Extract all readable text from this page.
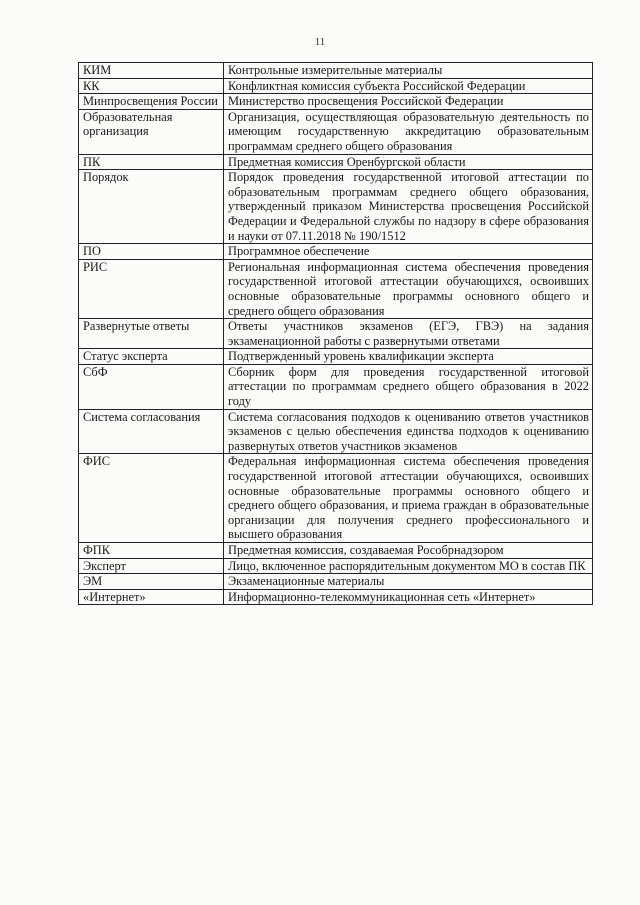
11
КИМ	Контрольные измерительные материалы
КК	Конфликтная комиссия субъекта Российской Федерации
Минпросвещения России	Министерство просвещения Российской Федерации
Образовательная организация	Организация, осуществляющая образовательную деятельность по имеющим государственную аккредитацию образовательным программам среднего общего образования
ПК	Предметная комиссия Оренбургской области
Порядок	Порядок проведения государственной итоговой аттестации по образовательным программам среднего общего образования, утвержденный приказом Министерства просвещения Российской Федерации и Федеральной службы по надзору в сфере образования и науки от 07.11.2018 № 190/1512
ПО	Программное обеспечение
РИС	Региональная информационная система обеспечения проведения государственной итоговой аттестации обучающихся, освоивших основные образовательные программы основного общего и среднего общего образования
Развернутые ответы	Ответы участников экзаменов (ЕГЭ, ГВЭ) на задания экзаменационной работы с развернутыми ответами
Статус эксперта	Подтвержденный уровень квалификации эксперта
СбФ	Сборник форм для проведения государственной итоговой аттестации по программам среднего общего образования в 2022 году
Система согласования	Система согласования подходов к оцениванию ответов участников экзаменов с целью обеспечения единства подходов к оцениванию развернутых ответов участников экзаменов
ФИС	Федеральная информационная система обеспечения проведения государственной итоговой аттестации обучающихся, освоивших основные образовательные программы основного общего и среднего общего образования, и приема граждан в образовательные организации для получения среднего профессионального и высшего образования
ФПК	Предметная комиссия, создаваемая Рособрнадзором
Эксперт	Лицо, включенное распорядительным документом МО в состав ПК
ЭМ	Экзаменационные материалы
«Интернет»	Информационно-телекоммуникационная сеть «Интернет»
